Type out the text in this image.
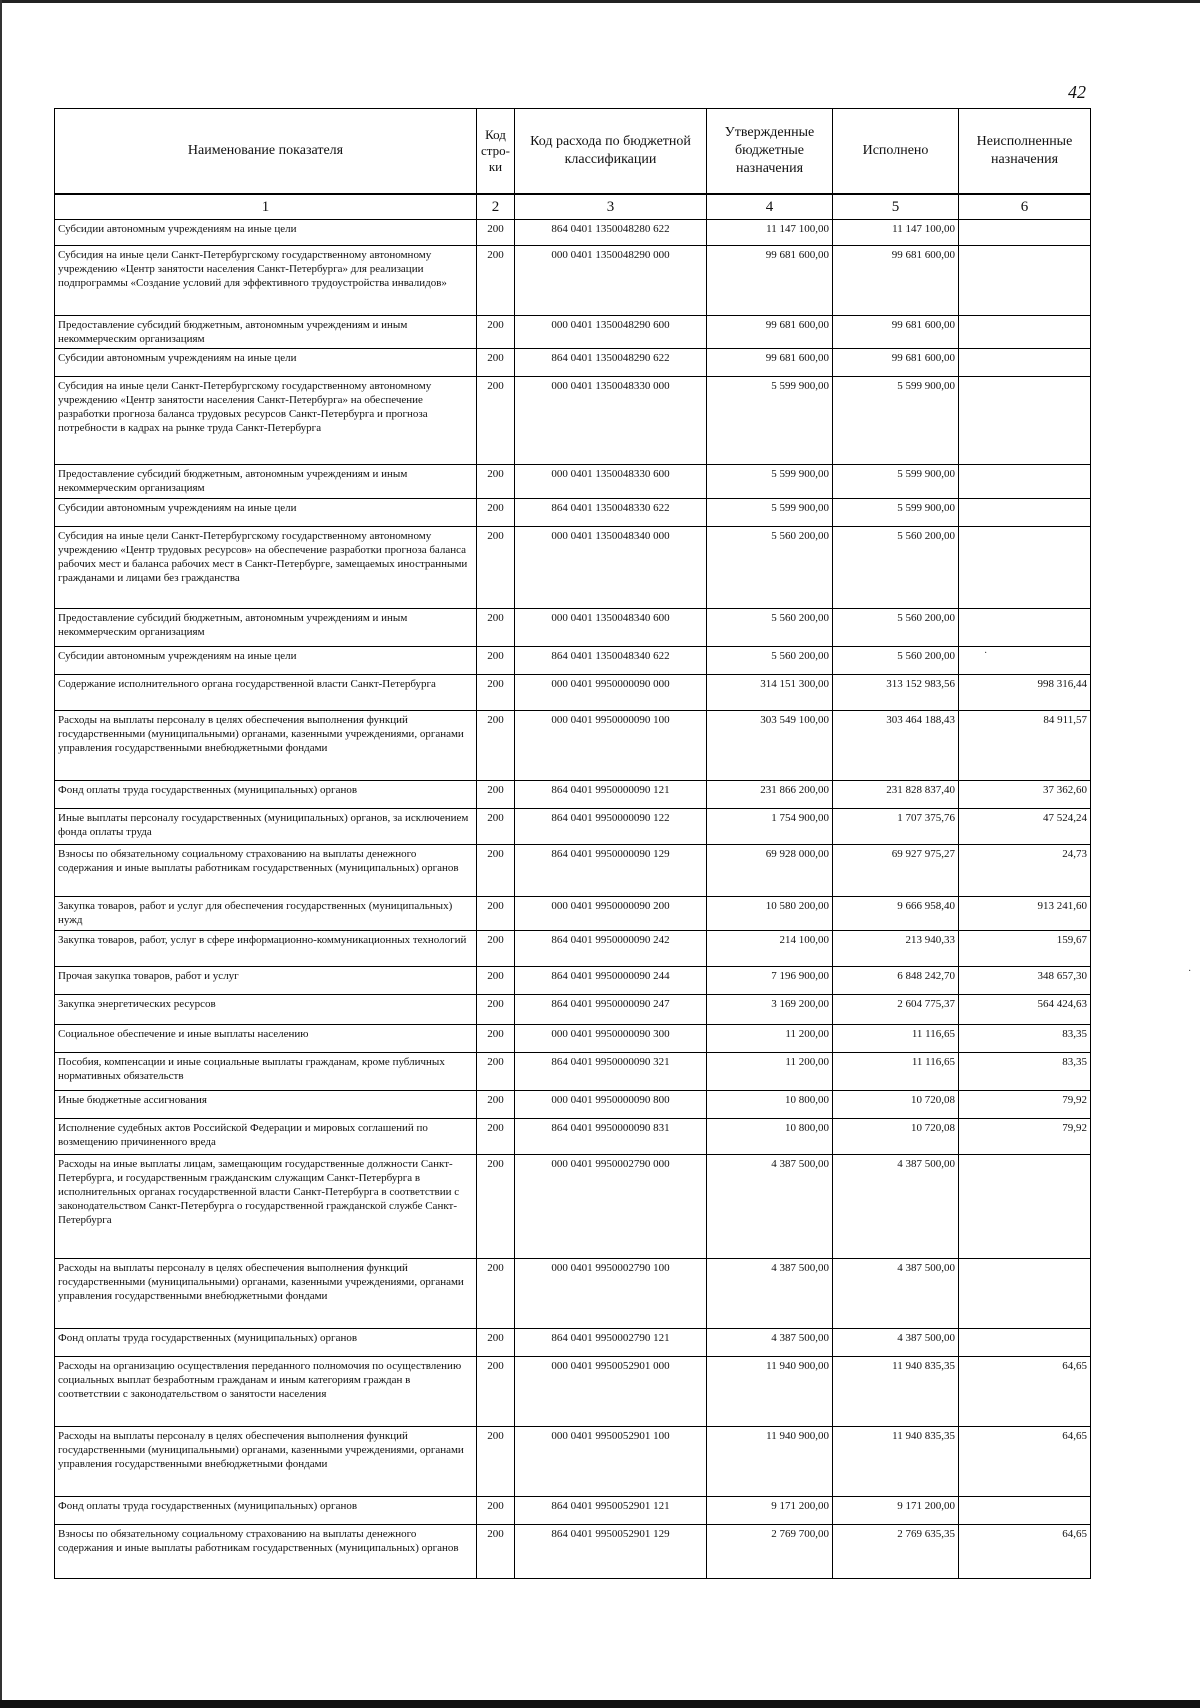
42
Наименование показателя	Код стро-ки	Код расхода по бюджетной классификации	Утвержденные бюджетные назначения	Исполнено	Неисполненные назначения
1	2	3	4	5	6
Субсидии автономным учреждениям на иные цели	200	864 0401 1350048280 622	11 147 100,00	11 147 100,00	
Субсидия на иные цели Санкт-Петербургскому государственному автономному учреждению «Центр занятости населения Санкт-Петербурга» для реализации подпрограммы «Создание условий для эффективного трудоустройства инвалидов»	200	000 0401 1350048290 000	99 681 600,00	99 681 600,00	
Предоставление субсидий бюджетным, автономным учреждениям и иным некоммерческим организациям	200	000 0401 1350048290 600	99 681 600,00	99 681 600,00	
Субсидии автономным учреждениям на иные цели	200	864 0401 1350048290 622	99 681 600,00	99 681 600,00	
Субсидия на иные цели Санкт-Петербургскому государственному автономному учреждению «Центр занятости населения Санкт-Петербурга» на обеспечение разработки прогноза баланса трудовых ресурсов Санкт-Петербурга и прогноза потребности в кадрах на рынке труда Санкт-Петербурга	200	000 0401 1350048330 000	5 599 900,00	5 599 900,00	
Предоставление субсидий бюджетным, автономным учреждениям и иным некоммерческим организациям	200	000 0401 1350048330 600	5 599 900,00	5 599 900,00	
Субсидии автономным учреждениям на иные цели	200	864 0401 1350048330 622	5 599 900,00	5 599 900,00	
Субсидия на иные цели Санкт-Петербургскому государственному автономному учреждению «Центр трудовых ресурсов» на обеспечение разработки прогноза баланса рабочих мест и баланса рабочих мест в Санкт-Петербурге, замещаемых иностранными гражданами и лицами без гражданства	200	000 0401 1350048340 000	5 560 200,00	5 560 200,00	
Предоставление субсидий бюджетным, автономным учреждениям и иным некоммерческим организациям	200	000 0401 1350048340 600	5 560 200,00	5 560 200,00	
Субсидии автономным учреждениям на иные цели	200	864 0401 1350048340 622	5 560 200,00	5 560 200,00	
Содержание исполнительного органа государственной власти Санкт-Петербурга	200	000 0401 9950000090 000	314 151 300,00	313 152 983,56	998 316,44
Расходы на выплаты персоналу в целях обеспечения выполнения функций государственными (муниципальными) органами, казенными учреждениями, органами управления государственными внебюджетными фондами	200	000 0401 9950000090 100	303 549 100,00	303 464 188,43	84 911,57
Фонд оплаты труда государственных (муниципальных) органов	200	864 0401 9950000090 121	231 866 200,00	231 828 837,40	37 362,60
Иные выплаты персоналу государственных (муниципальных) органов, за исключением фонда оплаты труда	200	864 0401 9950000090 122	1 754 900,00	1 707 375,76	47 524,24
Взносы по обязательному социальному страхованию на выплаты денежного содержания и иные выплаты работникам государственных (муниципальных) органов	200	864 0401 9950000090 129	69 928 000,00	69 927 975,27	24,73
Закупка товаров, работ и услуг для обеспечения государственных (муниципальных) нужд	200	000 0401 9950000090 200	10 580 200,00	9 666 958,40	913 241,60
Закупка товаров, работ, услуг в сфере информационно-коммуникационных технологий	200	864 0401 9950000090 242	214 100,00	213 940,33	159,67
Прочая закупка товаров, работ и услуг	200	864 0401 9950000090 244	7 196 900,00	6 848 242,70	348 657,30
Закупка энергетических ресурсов	200	864 0401 9950000090 247	3 169 200,00	2 604 775,37	564 424,63
Социальное обеспечение и иные выплаты населению	200	000 0401 9950000090 300	11 200,00	11 116,65	83,35
Пособия, компенсации и иные социальные выплаты гражданам, кроме публичных нормативных обязательств	200	864 0401 9950000090 321	11 200,00	11 116,65	83,35
Иные бюджетные ассигнования	200	000 0401 9950000090 800	10 800,00	10 720,08	79,92
Исполнение судебных актов Российской Федерации и мировых соглашений по возмещению причиненного вреда	200	864 0401 9950000090 831	10 800,00	10 720,08	79,92
Расходы на иные выплаты лицам, замещающим государственные должности Санкт-Петербурга, и государственным гражданским служащим Санкт-Петербурга в исполнительных органах государственной власти Санкт-Петербурга в соответствии с законодательством Санкт-Петербурга о государственной гражданской службе Санкт-Петербурга	200	000 0401 9950002790 000	4 387 500,00	4 387 500,00	
Расходы на выплаты персоналу в целях обеспечения выполнения функций государственными (муниципальными) органами, казенными учреждениями, органами управления государственными внебюджетными фондами	200	000 0401 9950002790 100	4 387 500,00	4 387 500,00	
Фонд оплаты труда государственных (муниципальных) органов	200	864 0401 9950002790 121	4 387 500,00	4 387 500,00	
Расходы на организацию осуществления переданного полномочия по осуществлению социальных выплат безработным гражданам и иным категориям граждан в соответствии с законодательством о занятости населения	200	000 0401 9950052901 000	11 940 900,00	11 940 835,35	64,65
Расходы на выплаты персоналу в целях обеспечения выполнения функций государственными (муниципальными) органами, казенными учреждениями, органами управления государственными внебюджетными фондами	200	000 0401 9950052901 100	11 940 900,00	11 940 835,35	64,65
Фонд оплаты труда государственных (муниципальных) органов	200	864 0401 9950052901 121	9 171 200,00	9 171 200,00	
Взносы по обязательному социальному страхованию на выплаты денежного содержания и иные выплаты работникам государственных (муниципальных) органов	200	864 0401 9950052901 129	2 769 700,00	2 769 635,35	64,65
·
·
